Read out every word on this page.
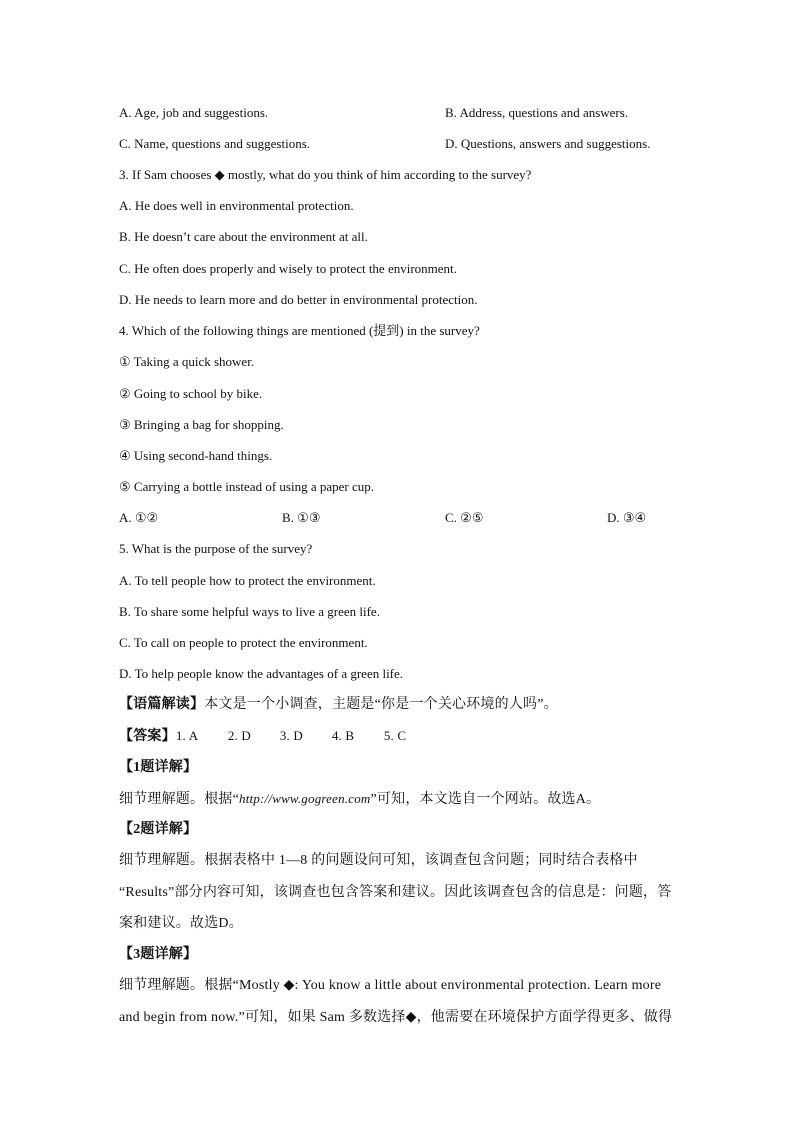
A. Age, job and suggestions.	B. Address, questions and answers.
C. Name, questions and suggestions.	D. Questions, answers and suggestions.
3. If Sam chooses ◆ mostly, what do you think of him according to the survey?
A. He does well in environmental protection.
B. He doesn’t care about the environment at all.
C. He often does properly and wisely to protect the environment.
D. He needs to learn more and do better in environmental protection.
4. Which of the following things are mentioned (提到) in the survey?
① Taking a quick shower.
② Going to school by bike.
③ Bringing a bag for shopping.
④ Using second-hand things.
⑤ Carrying a bottle instead of using a paper cup.
A. ①②	B. ①③	C. ②⑤	D. ③④
5. What is the purpose of the survey?
A. To tell people how to protect the environment.
B. To share some helpful ways to live a green life.
C. To call on people to protect the environment.
D. To help people know the advantages of a green life.
【语篇解读】本文是一个小调查，主题是“你是一个关心环境的人吗”。
【答案】1. A 2. D 3. D 4. B 5. C
【1题详解】
细节理解题。根据“http://www.gogreen.com”可知，本文选自一个网站。故选A。
【2题详解】
细节理解题。根据表格中 1—8 的问题设问可知，该调查包含问题；同时结合表格中
“Results”部分内容可知，该调查也包含答案和建议。因此该调查包含的信息是：问题，答
案和建议。故选D。
【3题详解】
细节理解题。根据“Mostly ◆: You know a little about environmental protection. Learn more
and begin from now.”可知，如果 Sam 多数选择◆，他需要在环境保护方面学得更多、做得
